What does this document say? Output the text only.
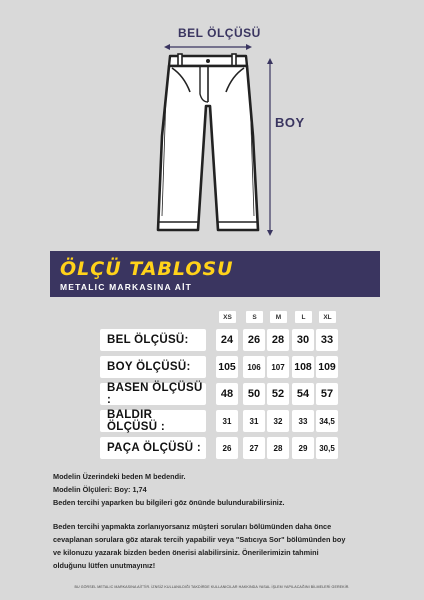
BEL ÖLÇÜSÜ
BOY
ÖLÇÜ TABLOSU
METALIC MARKASINA AİT
XS	S	M	L	XL
BEL ÖLÇÜSÜ:	24	26	28	30	33
BOY ÖLÇÜSÜ:	105	106	107 108 109
BASEN ÖLÇÜSÜ :	48	50	52	54	57
BALDIR ÖLÇÜSÜ :	31	31	32	33	34,5
PAÇA ÖLÇÜSÜ :	26	27	28	29	30,5
Modelin Üzerindeki beden M bedendir.
Modelin Ölçüleri: Boy: 1,74
Beden tercihi yaparken bu bilgileri göz önünde bulundurabilirsiniz.
Beden tercihi yapmakta zorlanıyorsanız müşteri soruları bölümünden daha önce
cevaplanan sorulara göz atarak tercih yapabilir veya "Satıcıya Sor" bölümünden boy
ve kilonuzu yazarak bizden beden önerisi alabilirsiniz. Önerilerimizin tahmini
olduğunu lütfen unutmayınız!
BU GÖRSEL METALIC MARKASINA AİTTİR. İZNSİZ KULLANILDIĞI TAKDİRDE KULLANICILAR HAKKINDA YASAL İŞLEM YAPILACAĞINI BİLMELERİ GEREKİR.
